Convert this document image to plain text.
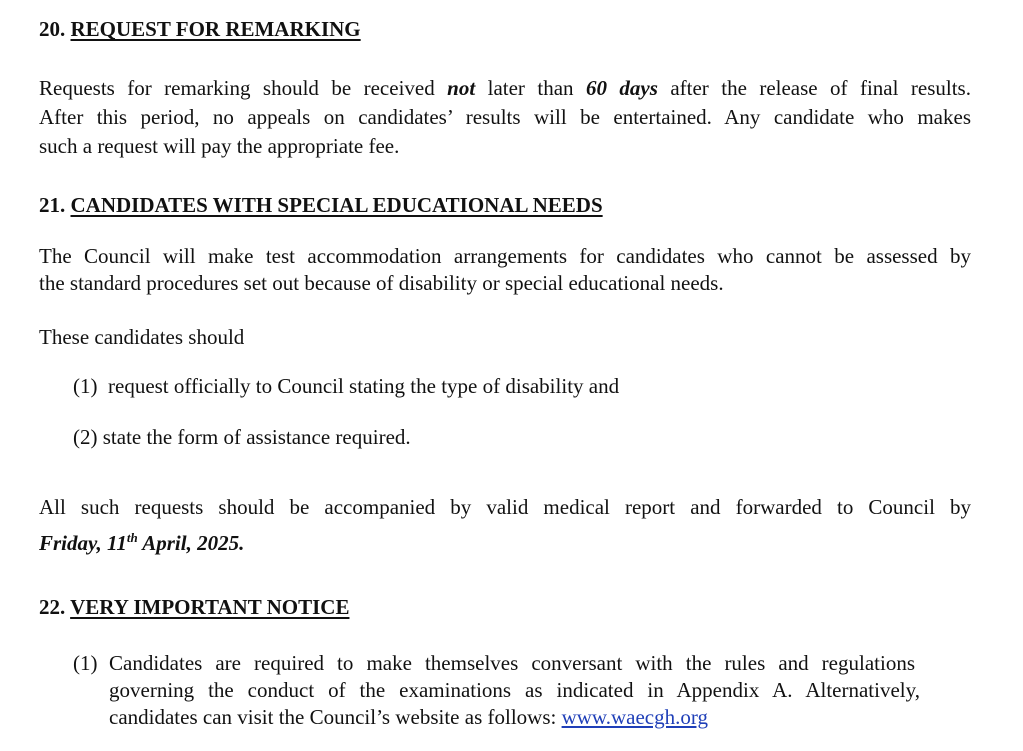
20. REQUEST FOR REMARKING
Requests for remarking should be received not later than 60 days after the release of final results.
After this period, no appeals on candidates’ results will be entertained. Any candidate who makes
such a request will pay the appropriate fee.
21. CANDIDATES WITH SPECIAL EDUCATIONAL NEEDS
The Council will make test accommodation arrangements for candidates who cannot be assessed by
the standard procedures set out because of disability or special educational needs.
These candidates should
(1) request officially to Council stating the type of disability and
(2) state the form of assistance required.
All such requests should be accompanied by valid medical report and forwarded to Council by
Friday, 11th April, 2025.
22. VERY IMPORTANT NOTICE
(1) Candidates are required to make themselves conversant with the rules and regulations
governing the conduct of the examinations as indicated in Appendix A. Alternatively,
candidates can visit the Council’s website as follows: www.waecgh.org
